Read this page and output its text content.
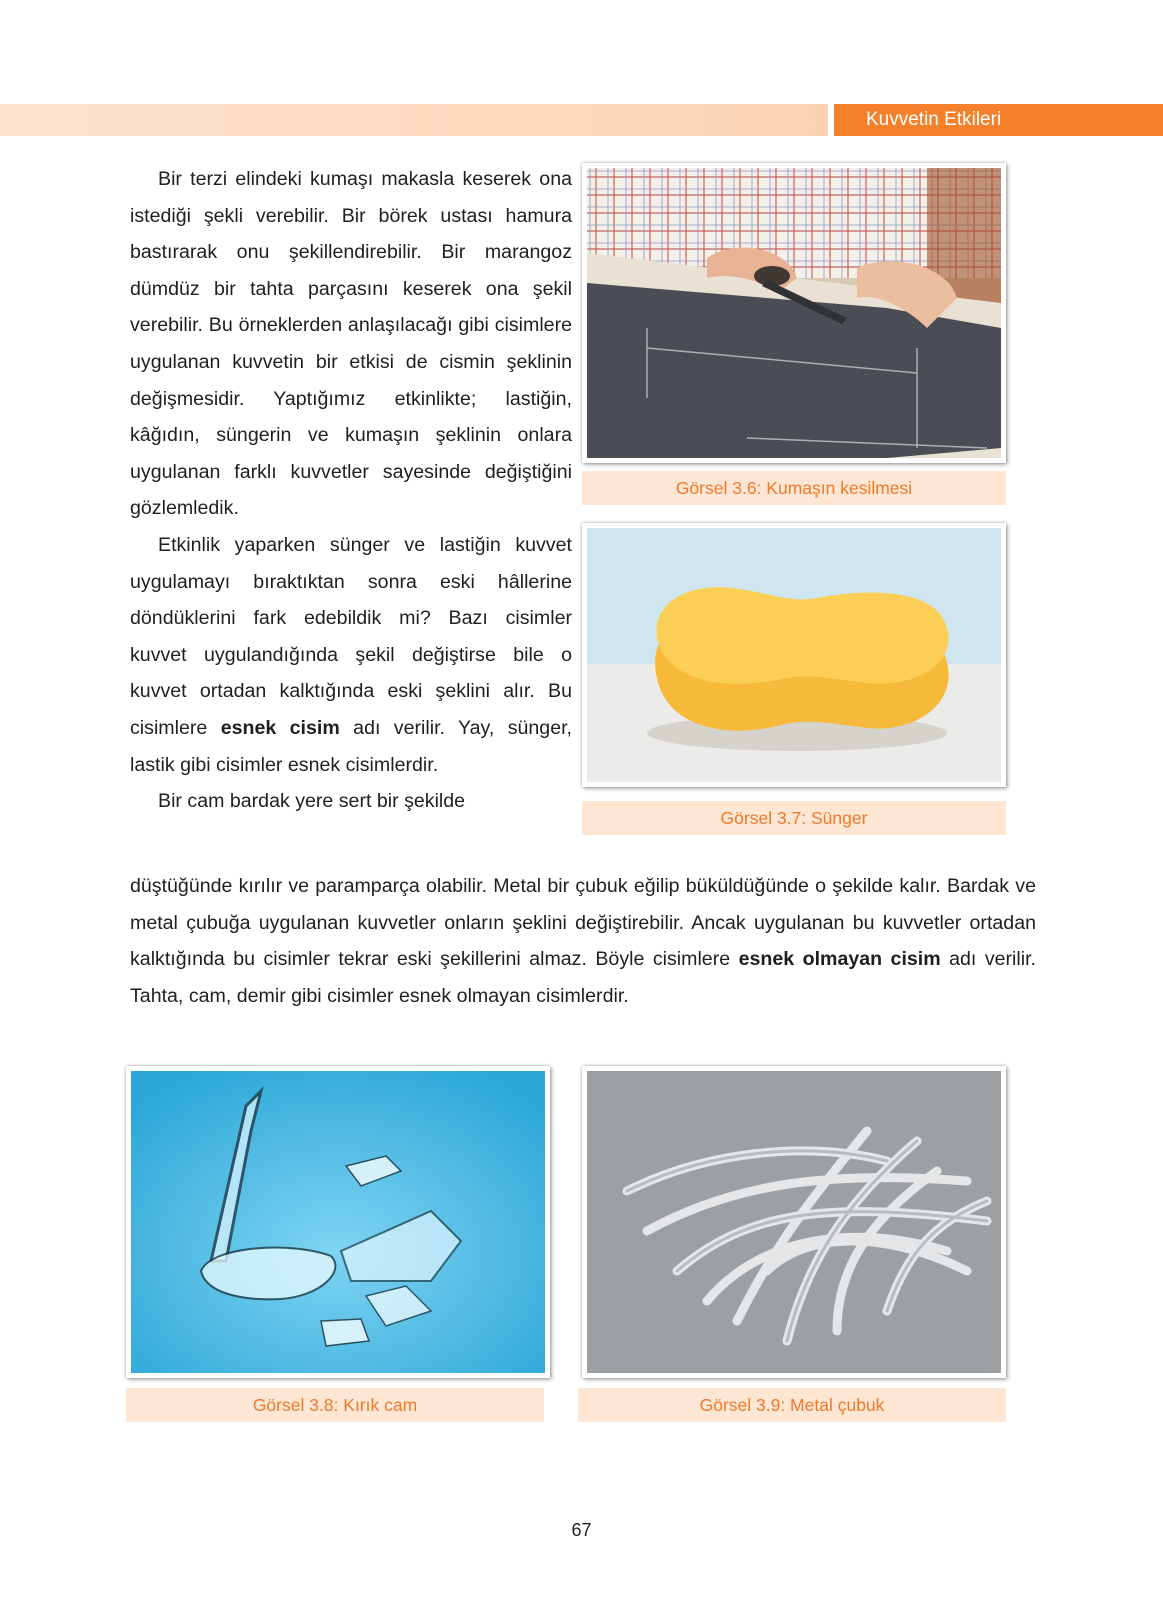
Kuvvetin Etkileri

Bir terzi elindeki kumaşı makasla keserek ona istediği şekli verebilir. Bir börek ustası hamura bastırarak onu şekillendirebilir. Bir marangoz dümdüz bir tahta parçasını keserek ona şekil verebilir. Bu örneklerden anlaşılacağı gibi cisimlere uygulanan kuvvetin bir etkisi de cismin şeklinin değişmesidir. Yaptığımız etkinlikte; lastiğin, kâğıdın, süngerin ve kumaşın şeklinin onlara uygulanan farklı kuvvetler sayesinde değiştiğini gözlemledik.

Etkinlik yaparken sünger ve lastiğin kuvvet uygulamayı bıraktıktan sonra eski hâllerine döndüklerini fark edebildik mi? Bazı cisimler kuvvet uygulandığında şekil değiştirse bile o kuvvet ortadan kalktığında eski şeklini alır. Bu cisimlere esnek cisim adı verilir. Yay, sünger, lastik gibi cisimler esnek cisimlerdir.

Bir cam bardak yere sert bir şekilde

düştüğünde kırılır ve paramparça olabilir. Metal bir çubuk eğilip büküldüğünde o şekilde kalır. Bardak ve metal çubuğa uygulanan kuvvetler onların şeklini değiştirebilir. Ancak uygulanan bu kuvvetler ortadan kalktığında bu cisimler tekrar eski şekillerini almaz. Böyle cisimlere esnek olmayan cisim adı verilir. Tahta, cam, demir gibi cisimler esnek olmayan cisimlerdir.

Görsel 3.6: Kumaşın kesilmesi
Görsel 3.7: Sünger
Görsel 3.8: Kırık cam	Görsel 3.9: Metal çubuk
67
